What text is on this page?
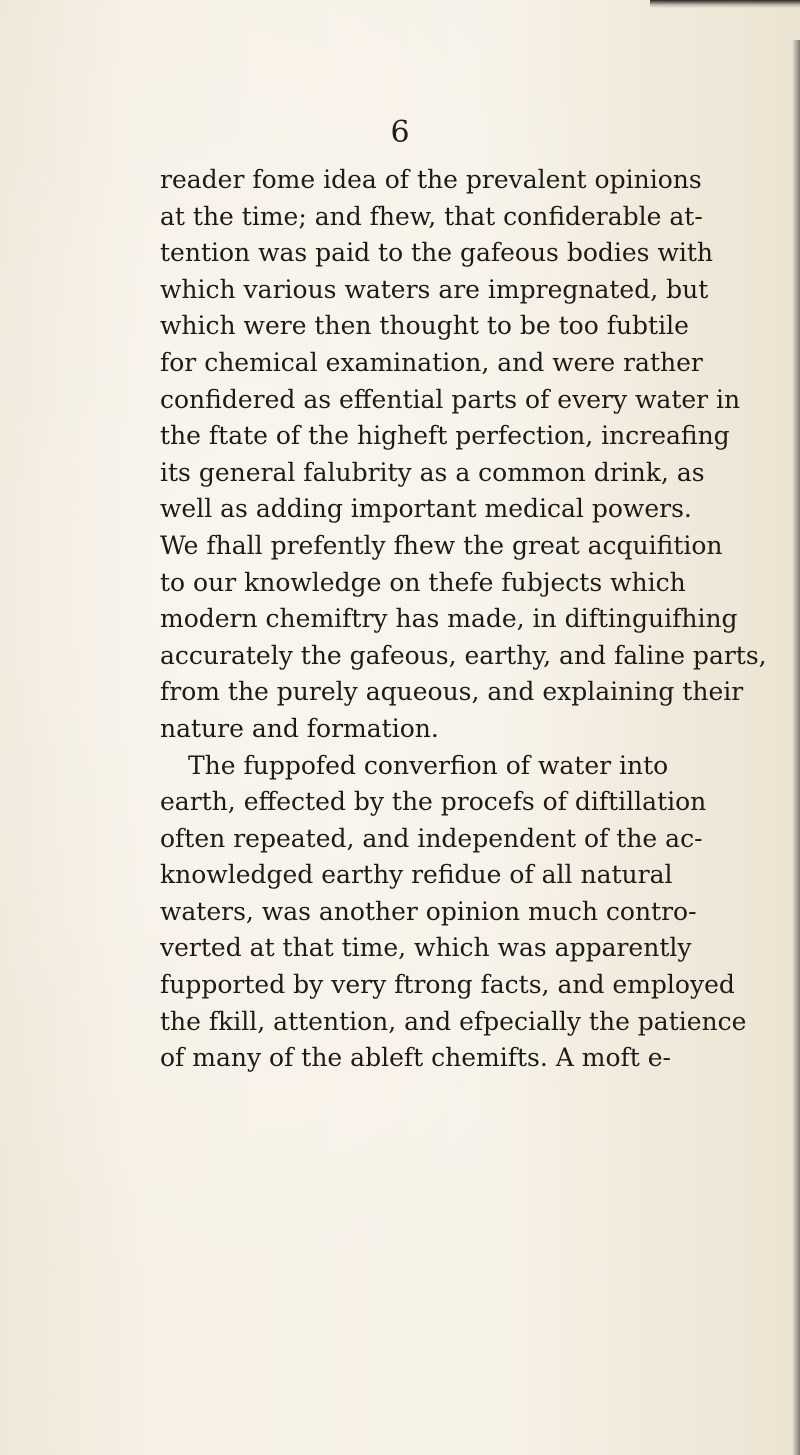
6
reader fome idea of the prevalent opinions
at the time; and fhew, that confiderable at-
tention was paid to the gafeous bodies with
which various waters are impregnated, but
which were then thought to be too fubtile
for chemical examination, and were rather
confidered as effential parts of every water in
the ftate of the higheft perfection, increafing
its general falubrity as a common drink, as
well as adding important medical powers.
We fhall prefently fhew the great acquifition
to our knowledge on thefe fubjects which
modern chemiftry has made, in diftinguifhing
accurately the gafeous, earthy, and faline parts,
from the purely aqueous, and explaining their
nature and formation.
The fuppofed converfion of water into
earth, effected by the procefs of diftillation
often repeated, and independent of the ac-
knowledged earthy refidue of all natural
waters, was another opinion much contro-
verted at that time, which was apparently
fupported by very ftrong facts, and employed
the fkill, attention, and efpecially the patience
of many of the ableft chemifts. A moft e-
